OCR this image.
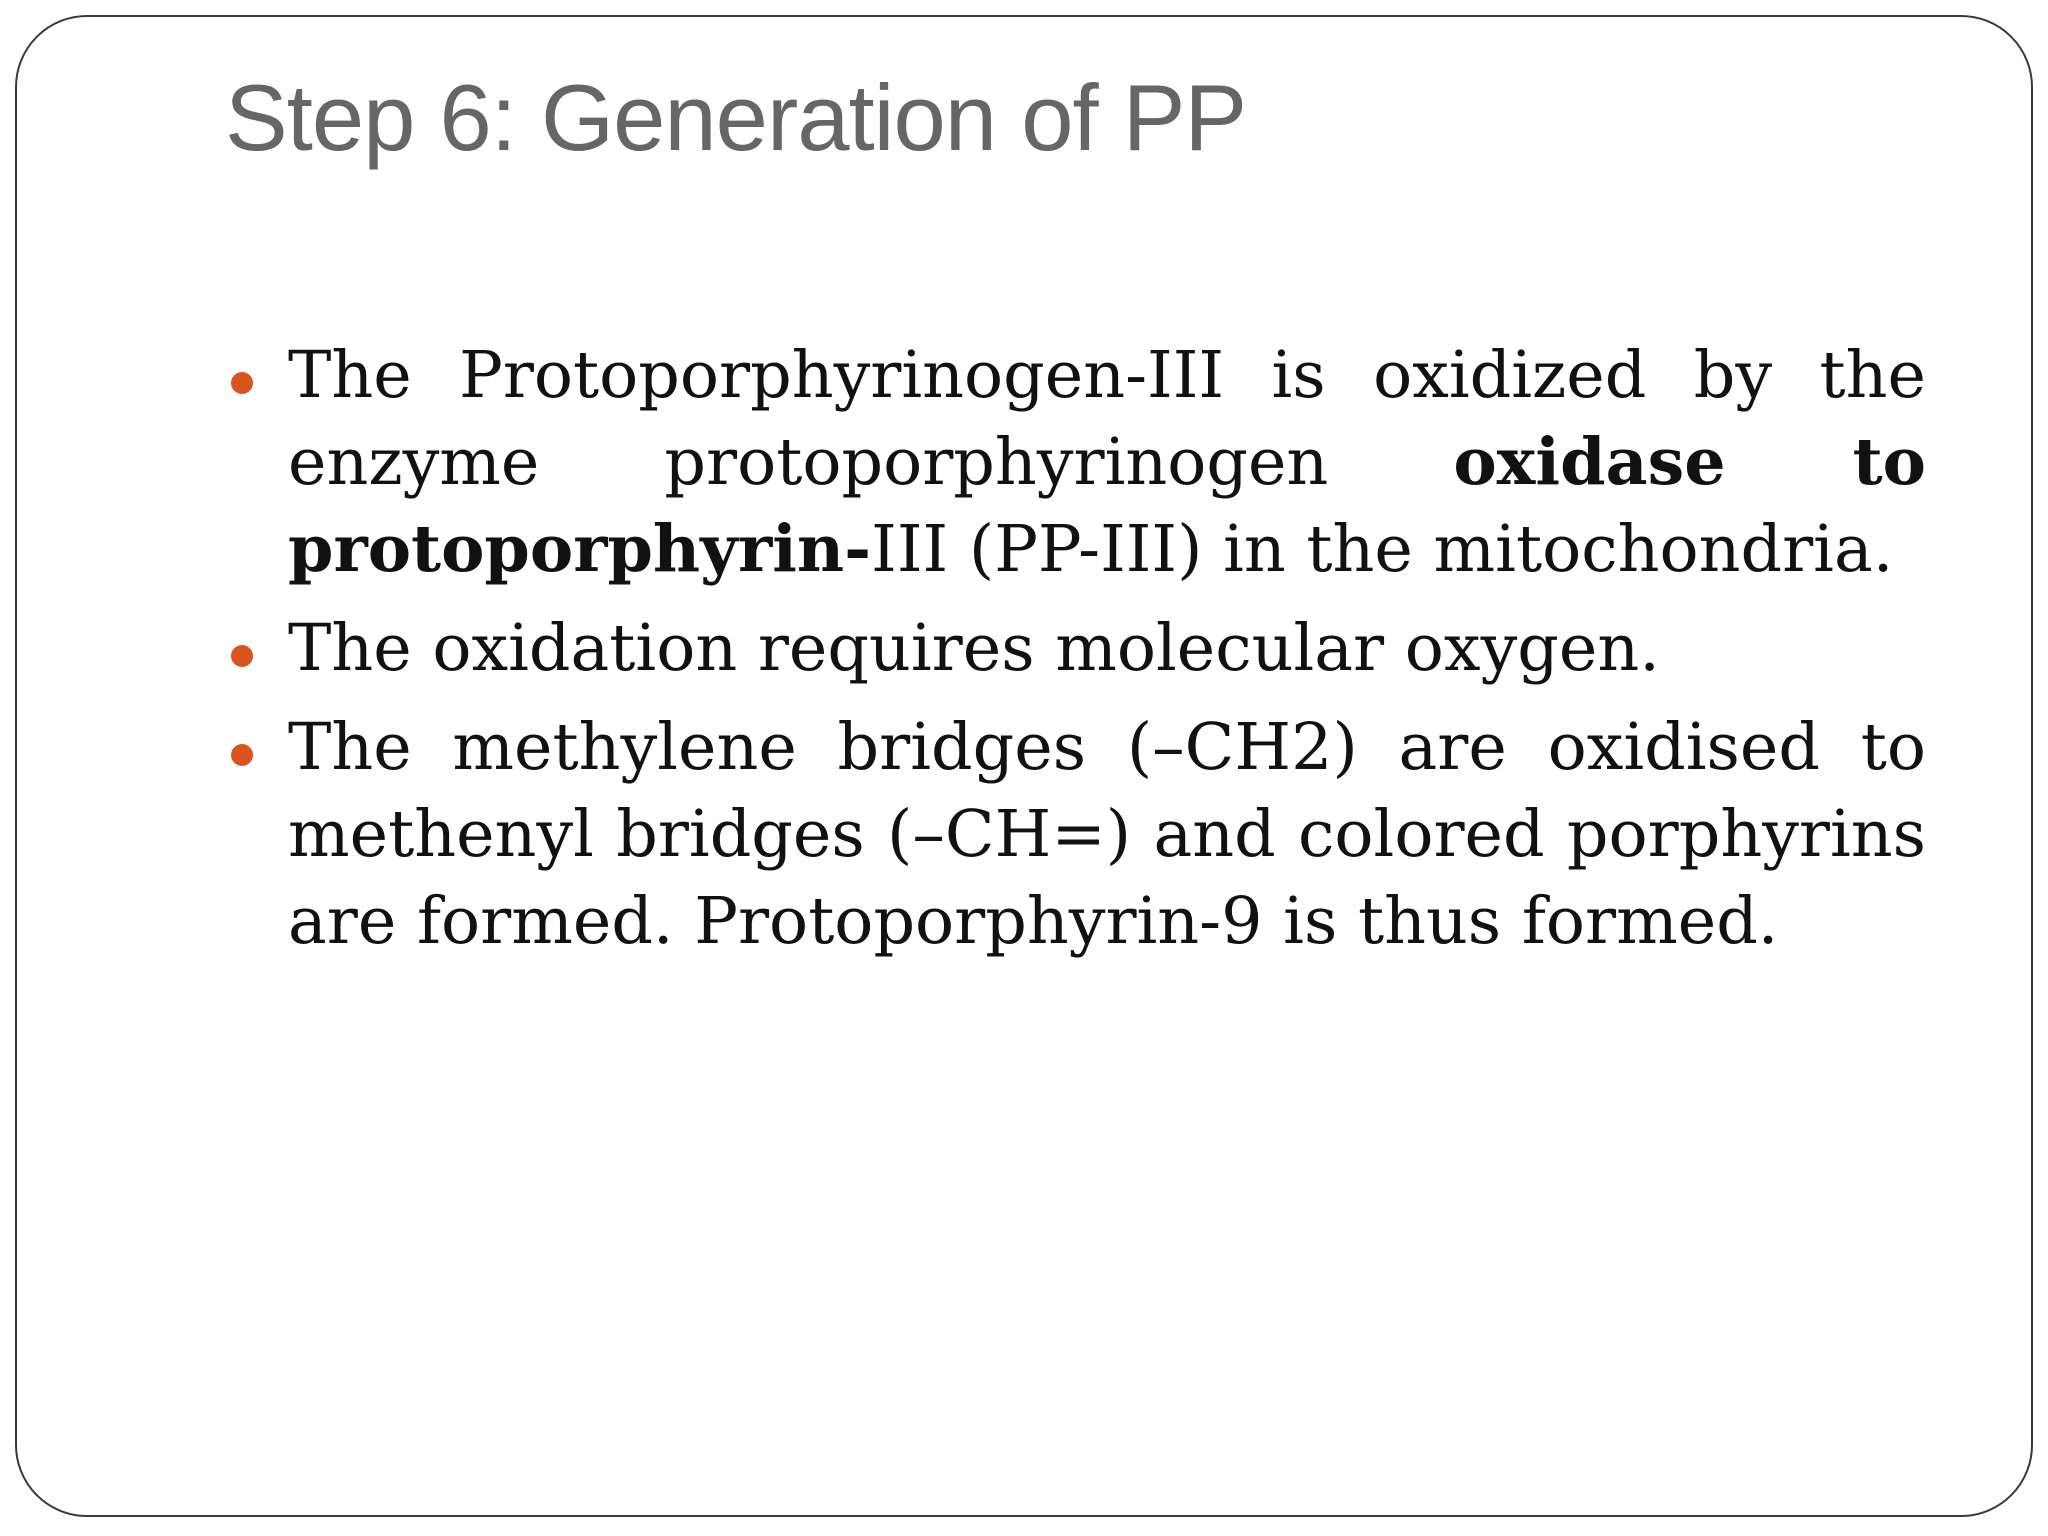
Step 6: Generation of PP

The Protoporphyrinogen-III is oxidized by the enzyme protoporphyrinogen oxidase to protoporphyrin-III (PP-III) in the mitochondria.

The oxidation requires molecular oxygen.

The methylene bridges (–CH2) are oxidised to methenyl bridges (–CH=) and colored porphyrins are formed. Protoporphyrin-9 is thus formed.
